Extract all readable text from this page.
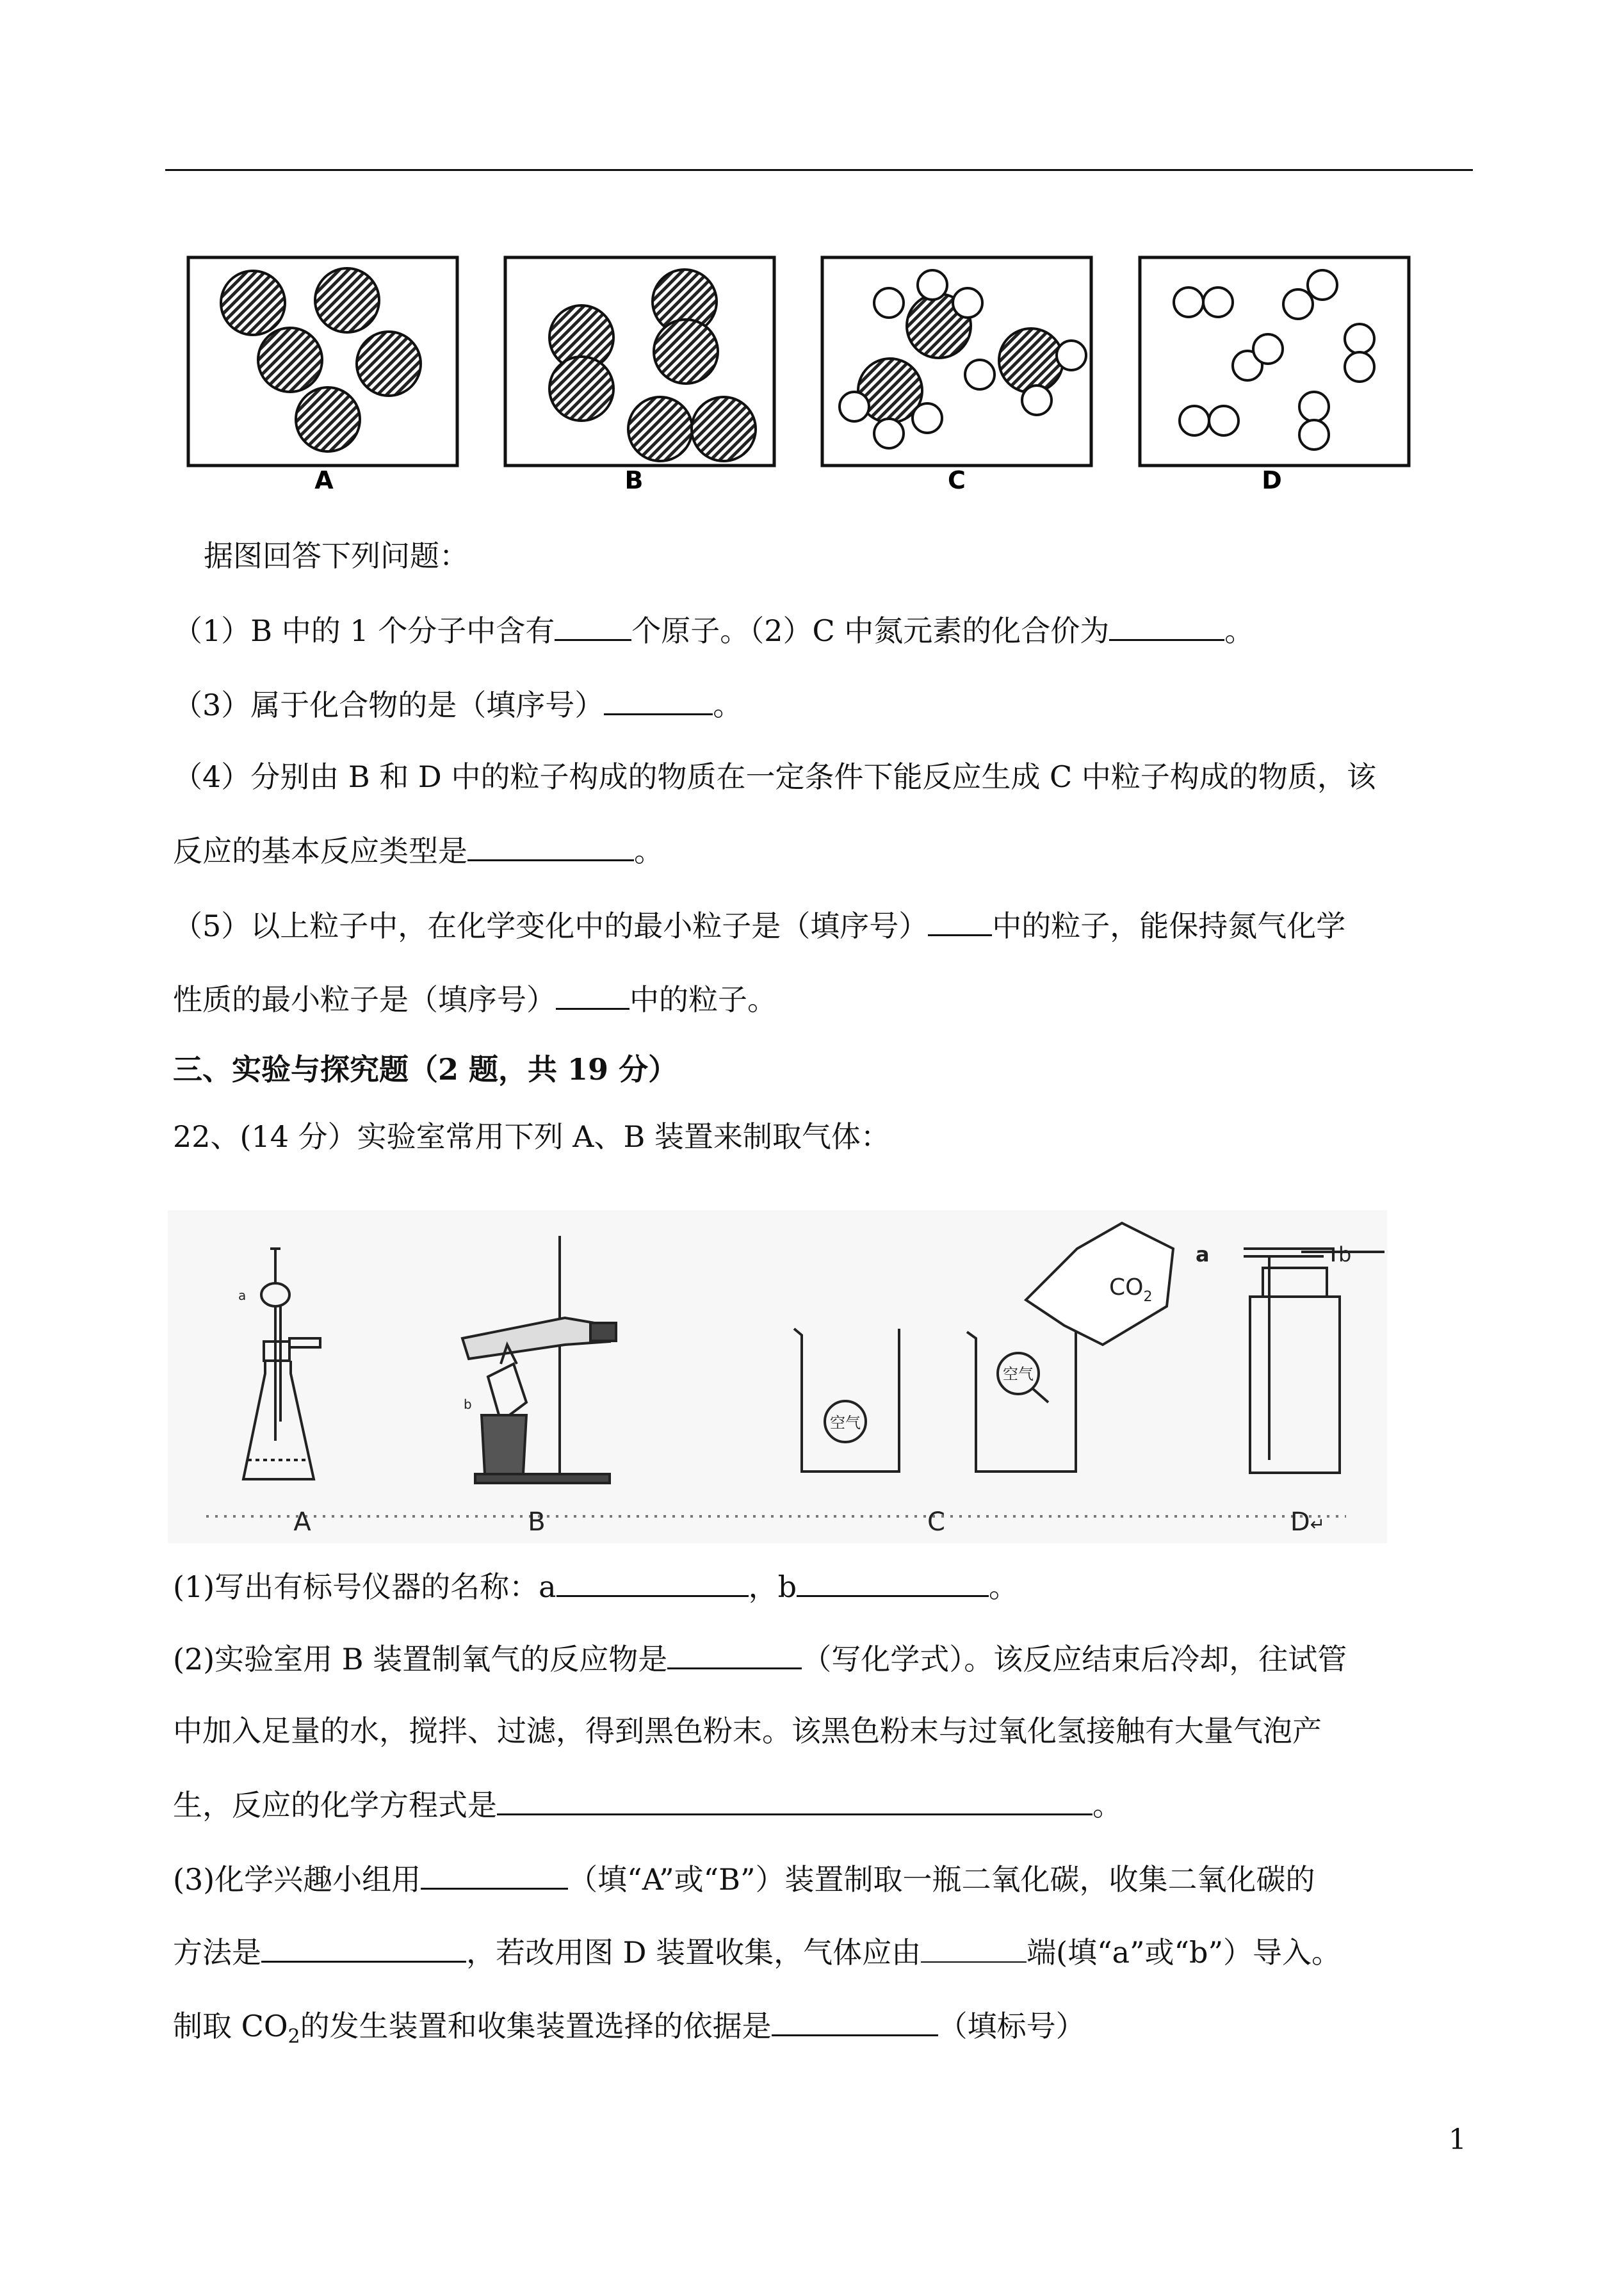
A	B	C	D
据图回答下列问题：
（1）B 中的 1 个分子中含有	个原子。（2）C 中氮元素的化合价为	。
（3）属于化合物的是（填序号）	。
（4）分别由 B 和 D 中的粒子构成的物质在一定条件下能反应生成 C 中粒子构成的物质，该
反应的基本反应类型是	。
（5）以上粒子中，在化学变化中的最小粒子是（填序号） 中的粒子，能保持氮气化学
性质的最小粒子是（填序号）	中的粒子。
三、实验与探究题（2 题，共 19 分）
22、(14 分）实验室常用下列 A、B 装置来制取气体：
a
b
空气
空气
$CO_2$
a	b
A	B	C	D↵
(1)写出有标号仪器的名称：a	，b	。
(2)实验室用 B 装置制氧气的反应物是	（写化学式）。该反应结束后冷却，往试管
中加入足量的水，搅拌、过滤，得到黑色粉末。该黑色粉末与过氧化氢接触有大量气泡产
生，反应的化学方程式是	。
(3)化学兴趣小组用	（填“A”或“B”）装置制取一瓶二氧化碳，收集二氧化碳的
方法是	，若改用图 D 装置收集，气体应由	端(填“a”或“b”）导入。
制取 $CO_2$的发生装置和收集装置选择的依据是	（填标号）
1
